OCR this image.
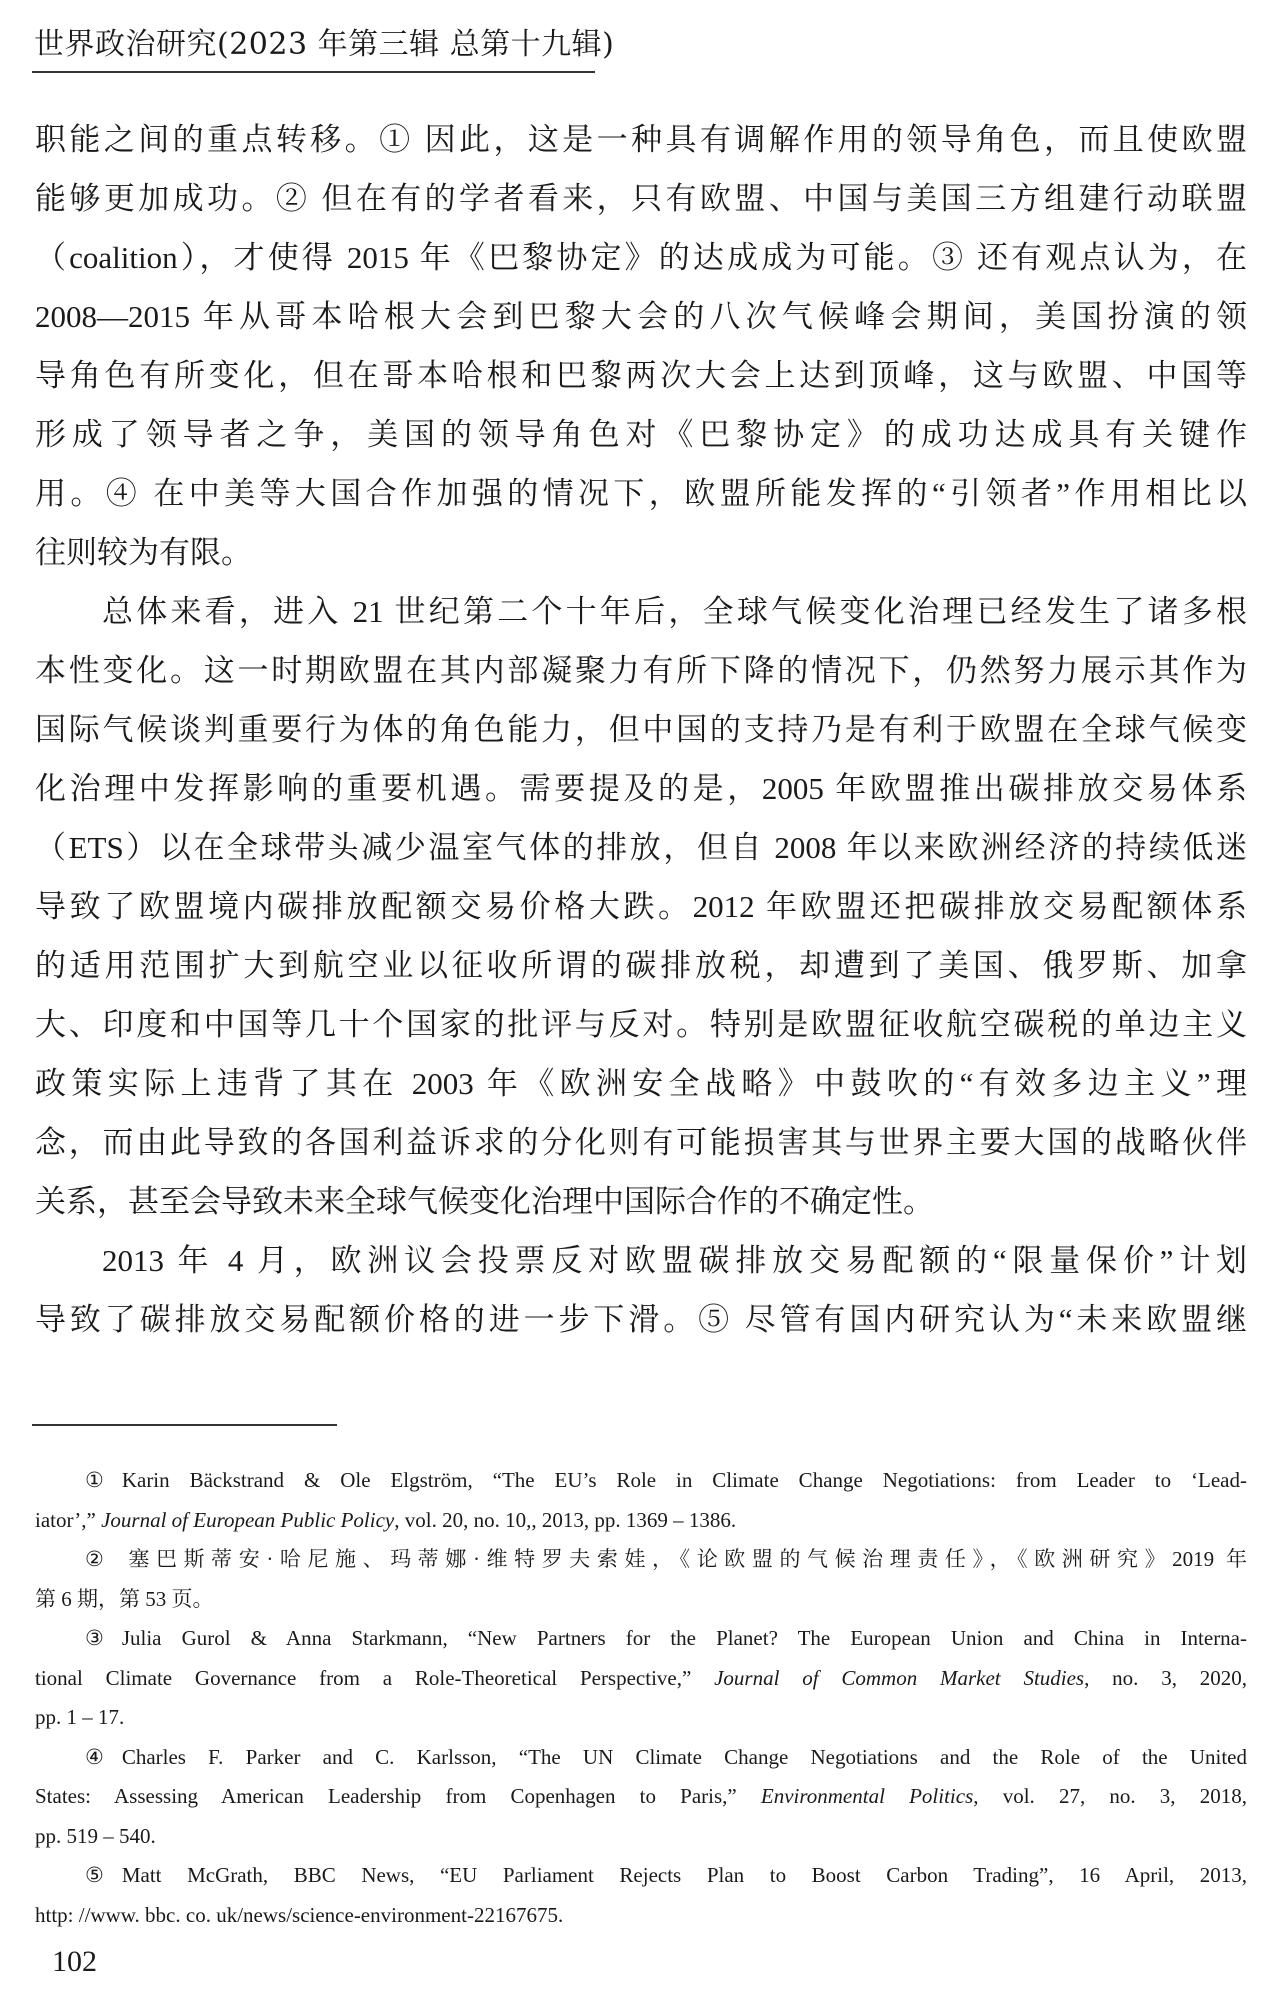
世界政治研究(2023 年第三辑 总第十九辑)
职能之间的重点转移。① 因此，这是一种具有调解作用的领导角色，而且使欧盟
能够更加成功。② 但在有的学者看来，只有欧盟、中国与美国三方组建行动联盟
（coalition），才使得 2015 年《巴黎协定》的达成成为可能。③ 还有观点认为，在
2008—2015 年从哥本哈根大会到巴黎大会的八次气候峰会期间，美国扮演的领
导角色有所变化，但在哥本哈根和巴黎两次大会上达到顶峰，这与欧盟、中国等
形成了领导者之争，美国的领导角色对《巴黎协定》的成功达成具有关键作
用。④ 在中美等大国合作加强的情况下，欧盟所能发挥的“引领者”作用相比以
往则较为有限。
总体来看，进入 21 世纪第二个十年后，全球气候变化治理已经发生了诸多根
本性变化。这一时期欧盟在其内部凝聚力有所下降的情况下，仍然努力展示其作为
国际气候谈判重要行为体的角色能力，但中国的支持乃是有利于欧盟在全球气候变
化治理中发挥影响的重要机遇。需要提及的是，2005 年欧盟推出碳排放交易体系
（ETS）以在全球带头减少温室气体的排放，但自 2008 年以来欧洲经济的持续低迷
导致了欧盟境内碳排放配额交易价格大跌。2012 年欧盟还把碳排放交易配额体系
的适用范围扩大到航空业以征收所谓的碳排放税，却遭到了美国、俄罗斯、加拿
大、印度和中国等几十个国家的批评与反对。特别是欧盟征收航空碳税的单边主义
政策实际上违背了其在 2003 年《欧洲安全战略》中鼓吹的“有效多边主义”理
念，而由此导致的各国利益诉求的分化则有可能损害其与世界主要大国的战略伙伴
关系，甚至会导致未来全球气候变化治理中国际合作的不确定性。
2013 年 4 月，欧洲议会投票反对欧盟碳排放交易配额的“限量保价”计划
导致了碳排放交易配额价格的进一步下滑。⑤ 尽管有国内研究认为“未来欧盟继
① Karin Bäckstrand & Ole Elgström, “The EU’s Role in Climate Change Negotiations: from Leader to ‘Lead-
iator’,” Journal of European Public Policy, vol. 20, no. 10,, 2013, pp. 1369 – 1386.
② 塞巴斯蒂安·哈尼施、玛蒂娜·维特罗夫索娃，《论欧盟的气候治理责任》，《欧洲研究》2019 年
第 6 期，第 53 页。
③ Julia Gurol & Anna Starkmann, “New Partners for the Planet? The European Union and China in Interna-
tional Climate Governance from a Role-Theoretical Perspective,” Journal of Common Market Studies, no. 3, 2020,
pp. 1 – 17.
④ Charles F. Parker and C. Karlsson, “The UN Climate Change Negotiations and the Role of the United
States: Assessing American Leadership from Copenhagen to Paris,” Environmental Politics, vol. 27, no. 3, 2018,
pp. 519 – 540.
⑤ Matt McGrath, BBC News, “EU Parliament Rejects Plan to Boost Carbon Trading”, 16 April, 2013,
http: //www. bbc. co. uk/news/science-environment-22167675.
102
